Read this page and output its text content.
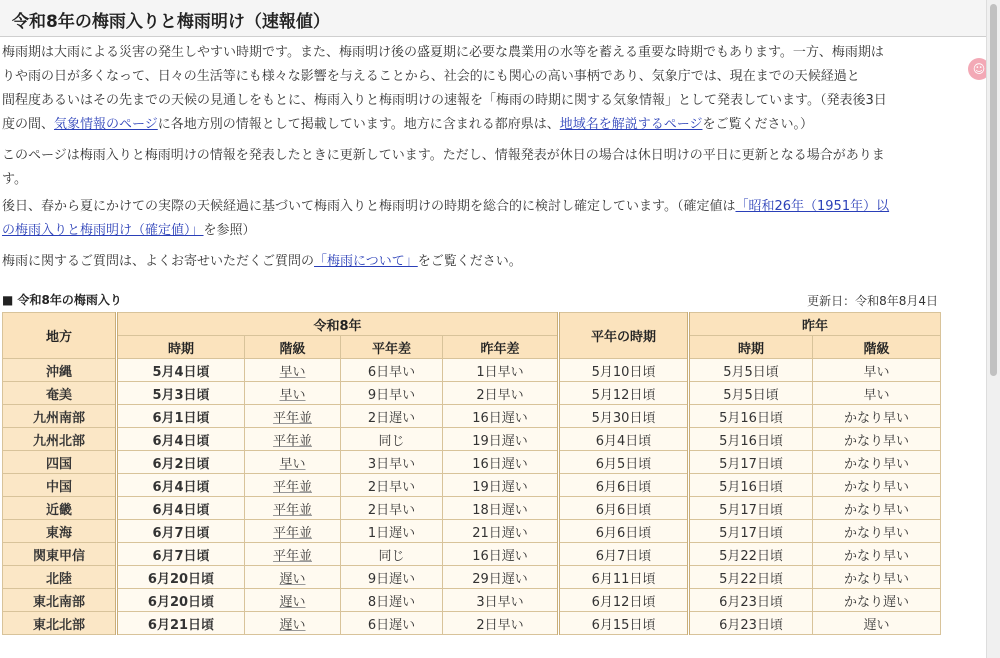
令和8年の梅雨入りと梅雨明け（速報値）
梅雨期は大雨による災害の発生しやすい時期です。また、梅雨明け後の盛夏期に必要な農業用の水等を蓄える重要な時期でもあります。一方、梅雨期は
りや雨の日が多くなって、日々の生活等にも様々な影響を与えることから、社会的にも関心の高い事柄であり、気象庁では、現在までの天候経過と
間程度あるいはその先までの天候の見通しをもとに、梅雨入りと梅雨明けの速報を「梅雨の時期に関する気象情報」として発表しています。（発表後3日
度の間、気象情報のページに各地方別の情報として掲載しています。地方に含まれる都府県は、地域名を解説するページをご覧ください。）
このページは梅雨入りと梅雨明けの情報を発表したときに更新しています。ただし、情報発表が休日の場合は休日明けの平日に更新となる場合がありま
す。
後日、春から夏にかけての実際の天候経過に基づいて梅雨入りと梅雨明けの時期を総合的に検討し確定しています。（確定値は「昭和26年（1951年）以
の梅雨入りと梅雨明け（確定値）」を参照）
梅雨に関するご質問は、よくお寄せいただくご質問の「梅雨について」をご覧ください。
■ 令和8年の梅雨入り	更新日：令和8年8月4日
地方	令和8年				平年の時期	昨年	
	時期	階級	平年差	昨年差		時期	階級
沖縄	5月4日頃	早い	6日早い	1日早い	5月10日頃	5月5日頃	早い
奄美	5月3日頃	早い	9日早い	2日早い	5月12日頃	5月5日頃	早い
九州南部	6月1日頃	平年並	2日遅い	16日遅い	5月30日頃	5月16日頃	かなり早い
九州北部	6月4日頃	平年並	同じ	19日遅い	6月4日頃	5月16日頃	かなり早い
四国	6月2日頃	早い	3日早い	16日遅い	6月5日頃	5月17日頃	かなり早い
中国	6月4日頃	平年並	2日早い	19日遅い	6月6日頃	5月16日頃	かなり早い
近畿	6月4日頃	平年並	2日早い	18日遅い	6月6日頃	5月17日頃	かなり早い
東海	6月7日頃	平年並	1日遅い	21日遅い	6月6日頃	5月17日頃	かなり早い
関東甲信	6月7日頃	平年並	同じ	16日遅い	6月7日頃	5月22日頃	かなり早い
北陸	6月20日頃	遅い	9日遅い	29日遅い	6月11日頃	5月22日頃	かなり早い
東北南部	6月20日頃	遅い	8日遅い	3日早い	6月12日頃	6月23日頃	かなり遅い
東北北部	6月21日頃	遅い	6日遅い	2日早い	6月15日頃	6月23日頃	遅い
☺
